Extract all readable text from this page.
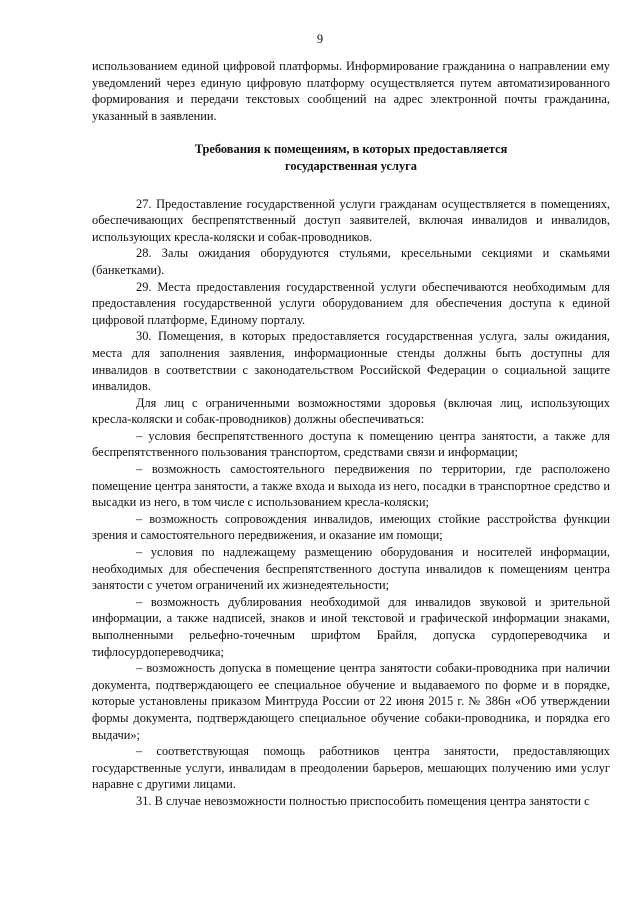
9

использованием единой цифровой платформы. Информирование гражданина о направлении ему уведомлений через единую цифровую платформу осуществляется путем автоматизированного формирования и передачи текстовых сообщений на адрес электронной почты гражданина, указанный в заявлении.

Требования к помещениям, в которых предоставляется
государственная услуга

27. Предоставление государственной услуги гражданам осуществляется в помещениях, обеспечивающих беспрепятственный доступ заявителей, включая инвалидов и инвалидов, использующих кресла-коляски и собак-проводников.

28. Залы ожидания оборудуются стульями, кресельными секциями и скамьями (банкетками).

29. Места предоставления государственной услуги обеспечиваются необходимым для предоставления государственной услуги оборудованием для обеспечения доступа к единой цифровой платформе, Единому порталу.

30. Помещения, в которых предоставляется государственная услуга, залы ожидания, места для заполнения заявления, информационные стенды должны быть доступны для инвалидов в соответствии с законодательством Российской Федерации о социальной защите инвалидов.

Для лиц с ограниченными возможностями здоровья (включая лиц, использующих кресла-коляски и собак-проводников) должны обеспечиваться:

– условия беспрепятственного доступа к помещению центра занятости, а также для беспрепятственного пользования транспортом, средствами связи и информации;

– возможность самостоятельного передвижения по территории, где расположено помещение центра занятости, а также входа и выхода из него, посадки в транспортное средство и высадки из него, в том числе с использованием кресла-коляски;

– возможность сопровождения инвалидов, имеющих стойкие расстройства функции зрения и самостоятельного передвижения, и оказание им помощи;

– условия по надлежащему размещению оборудования и носителей информации, необходимых для обеспечения беспрепятственного доступа инвалидов к помещениям центра занятости с учетом ограничений их жизнедеятельности;

– возможность дублирования необходимой для инвалидов звуковой и зрительной информации, а также надписей, знаков и иной текстовой и графической информации знаками, выполненными рельефно-точечным шрифтом Брайля, допуска сурдопереводчика и тифлосурдопереводчика;

– возможность допуска в помещение центра занятости собаки-проводника при наличии документа, подтверждающего ее специальное обучение и выдаваемого по форме и в порядке, которые установлены приказом Минтруда России от 22 июня 2015 г. № 386н «Об утверждении формы документа, подтверждающего специальное обучение собаки-проводника, и порядка его выдачи»;

– соответствующая помощь работников центра занятости, предоставляющих государственные услуги, инвалидам в преодолении барьеров, мешающих получению ими услуг наравне с другими лицами.

31. В случае невозможности полностью приспособить помещения центра занятости с
